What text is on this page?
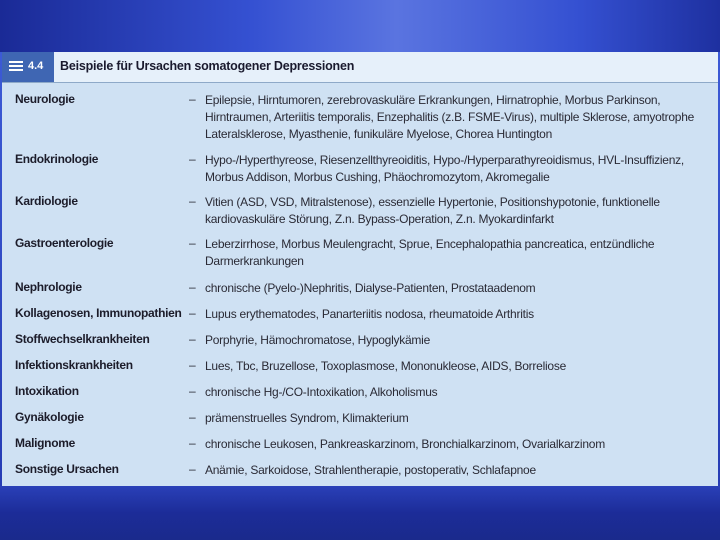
4.4 Beispiele für Ursachen somatogener Depressionen
Neurologie	– Epilepsie, Hirntumoren, zerebrovaskuläre Erkrankungen, Hirnatrophie, Morbus Parkinson, Hirntraumen, Arteriitis temporalis, Enzephalitis (z.B. FSME-Virus), multiple Sklerose, amyotrophe Lateralsklerose, Myasthenie, funikuläre Myelose, Chorea Huntington
Endokrinologie	– Hypo-/Hyperthyreose, Riesenzellthyreoiditis, Hypo-/Hyperparathyreoidismus, HVL-Insuffizienz, Morbus Addison, Morbus Cushing, Phäochromozytom, Akromegalie
Kardiologie	– Vitien (ASD, VSD, Mitralstenose), essenzielle Hypertonie, Positionshypotonie, funktionelle kardiovaskuläre Störung, Z.n. Bypass-Operation, Z.n. Myokardinfarkt
Gastroenterologie	– Leberzirrhose, Morbus Meulengracht, Sprue, Encephalopathia pancreatica, entzündliche Darmerkrankungen
Nephrologie	– chronische (Pyelo-)Nephritis, Dialyse-Patienten, Prostataadenom
Kollagenosen, Immunopathien – Lupus erythematodes, Panarteriitis nodosa, rheumatoide Arthritis
Stoffwechselkrankheiten	– Porphyrie, Hämochromatose, Hypoglykämie
Infektionskrankheiten	– Lues, Tbc, Bruzellose, Toxoplasmose, Mononukleose, AIDS, Borreliose
Intoxikation	– chronische Hg-/CO-Intoxikation, Alkoholismus
Gynäkologie	– prämenstruelles Syndrom, Klimakterium
Malignome	– chronische Leukosen, Pankreaskarzinom, Bronchialkarzinom, Ovarialkarzinom
Sonstige Ursachen	– Anämie, Sarkoidose, Strahlentherapie, postoperativ, Schlafapnoe
